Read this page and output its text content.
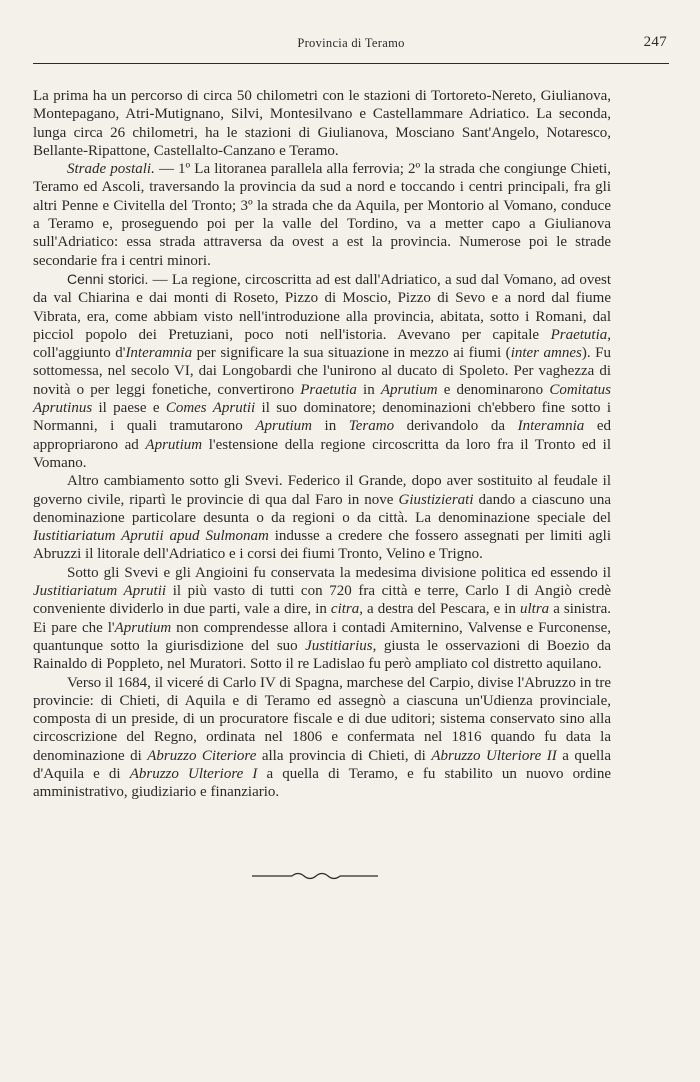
Provincia di Teramo	247

La prima ha un percorso di circa 50 chilometri con le stazioni di Tortoreto-Nereto, Giulianova, Montepagano, Atri-Mutignano, Silvi, Montesilvano e Castellammare Adriatico. La seconda, lunga circa 26 chilometri, ha le stazioni di Giulianova, Mosciano Sant'Angelo, Notaresco, Bellante-Ripattone, Castellalto-Canzano e Teramo.

Strade postali. — 1º La litoranea parallela alla ferrovia; 2º la strada che congiunge Chieti, Teramo ed Ascoli, traversando la provincia da sud a nord e toccando i centri principali, fra gli altri Penne e Civitella del Tronto; 3º la strada che da Aquila, per Montorio al Vomano, conduce a Teramo e, proseguendo poi per la valle del Tordino, va a metter capo a Giulianova sull'Adriatico: essa strada attraversa da ovest a est la provincia. Numerose poi le strade secondarie fra i centri minori.

Cenni storici. — La regione, circoscritta ad est dall'Adriatico, a sud dal Vomano, ad ovest da val Chiarina e dai monti di Roseto, Pizzo di Moscio, Pizzo di Sevo e a nord dal fiume Vibrata, era, come abbiam visto nell'introduzione alla provincia, abitata, sotto i Romani, dal picciol popolo dei Pretuziani, poco noti nell'istoria. Avevano per capitale Praetutia, coll'aggiunto d'Interamnia per significare la sua situazione in mezzo ai fiumi (inter amnes). Fu sottomessa, nel secolo VI, dai Longobardi che l'unirono al ducato di Spoleto. Per vaghezza di novità o per leggi fonetiche, convertirono Praetutia in Aprutium e denominarono Comitatus Aprutinus il paese e Comes Aprutii il suo dominatore; denominazioni ch'ebbero fine sotto i Normanni, i quali tramutarono Aprutium in Teramo derivandolo da Interamnia ed appropriarono ad Aprutium l'estensione della regione circoscritta da loro fra il Tronto ed il Vomano.

Altro cambiamento sotto gli Svevi. Federico il Grande, dopo aver sostituito al feudale il governo civile, ripartì le provincie di qua dal Faro in nove Giustizierati dando a ciascuno una denominazione particolare desunta o da regioni o da città. La denominazione speciale del Iustitiariatum Aprutii apud Sulmonam indusse a credere che fossero assegnati per limiti agli Abruzzi il litorale dell'Adriatico e i corsi dei fiumi Tronto, Velino e Trigno.

Sotto gli Svevi e gli Angioini fu conservata la medesima divisione politica ed essendo il Justitiariatum Aprutii il più vasto di tutti con 720 fra città e terre, Carlo I di Angiò credè conveniente dividerlo in due parti, vale a dire, in citra, a destra del Pescara, e in ultra a sinistra. Ei pare che l'Aprutium non comprendesse allora i contadi Amiternino, Valvense e Furconense, quantunque sotto la giurisdizione del suo Justitiarius, giusta le osservazioni di Boezio da Rainaldo di Poppleto, nel Muratori. Sotto il re Ladislao fu però ampliato col distretto aquilano.

Verso il 1684, il viceré di Carlo IV di Spagna, marchese del Carpio, divise l'Abruzzo in tre provincie: di Chieti, di Aquila e di Teramo ed assegnò a ciascuna un'Udienza provinciale, composta di un preside, di un procuratore fiscale e di due uditori; sistema conservato sino alla circoscrizione del Regno, ordinata nel 1806 e confermata nel 1816 quando fu data la denominazione di Abruzzo Citeriore alla provincia di Chieti, di Abruzzo Ulteriore II a quella d'Aquila e di Abruzzo Ulteriore I a quella di Teramo, e fu stabilito un nuovo ordine amministrativo, giudiziario e finanziario.
